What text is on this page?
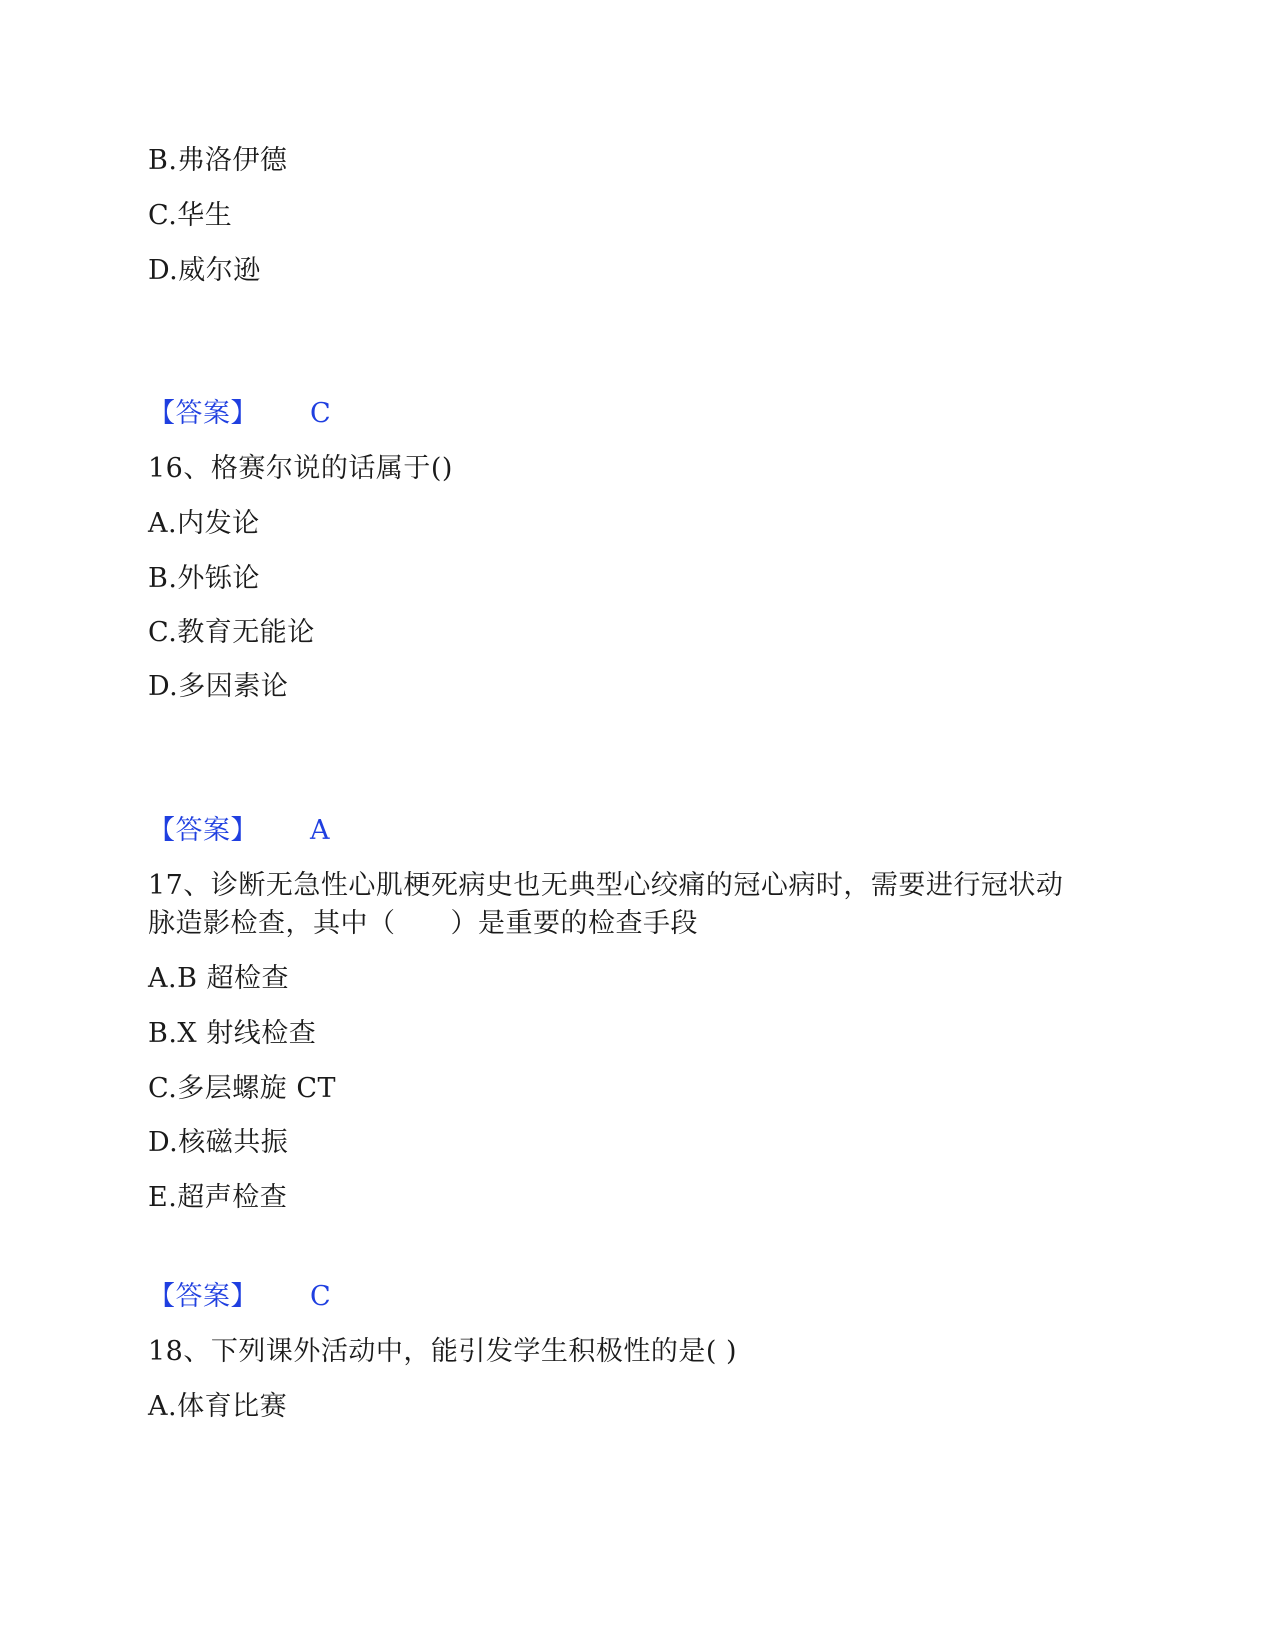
B.弗洛伊德
C.华生
D.威尔逊
【答案】 C
16、格赛尔说的话属于()
A.内发论
B.外铄论
C.教育无能论
D.多因素论
【答案】 A
17、诊断无急性心肌梗死病史也无典型心绞痛的冠心病时，需要进行冠状动
脉造影检查，其中（　　）是重要的检查手段
A.B 超检查
B.X 射线检查
C.多层螺旋 CT
D.核磁共振
E.超声检查
【答案】 C
18、下列课外活动中，能引发学生积极性的是( )
A.体育比赛
